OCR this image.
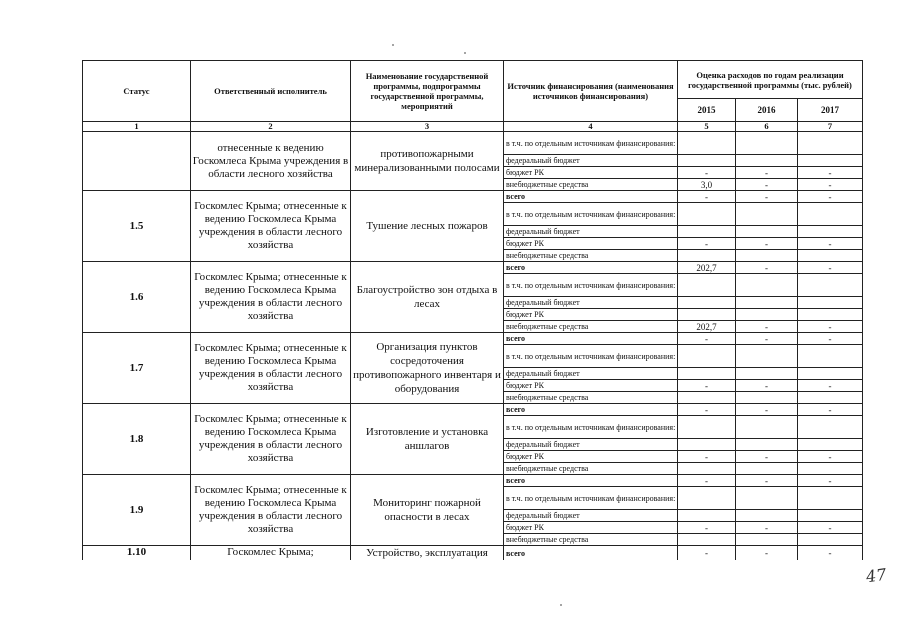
Статус	Ответственный исполнитель	Наименование государственной программы, подпрограммы государственной программы, мероприятий	Источник финансирования (наименования источников финансирования)	Оценка расходов по годам реализации государственной программы (тыс. рублей)		
				2015	2016	2017
1	2	3	4	5	6	7
	отнесенные к ведению Госкомлеса Крыма учреждения в области лесного хозяйства	противопожарными минерализованными полосами	в т.ч. по отдельным источникам финансирования:			
			федеральный бюджет			
			бюджет РК	-	-	-
			внебюджетные средства	3,0	-	-
1.5	Госкомлес Крыма; отнесенные к ведению Госкомлеса Крыма учреждения в области лесного хозяйства	Тушение лесных пожаров	всего	-	-	-
			в т.ч. по отдельным источникам финансирования:			
			федеральный бюджет			
			бюджет РК	-	-	-
			внебюджетные средства			
1.6	Госкомлес Крыма; отнесенные к ведению Госкомлеса Крыма учреждения в области лесного хозяйства	Благоустройство зон отдыха в лесах	всего	202,7	-	-
			в т.ч. по отдельным источникам финансирования:			
			федеральный бюджет			
			бюджет РК			
			внебюджетные средства	202,7	-	-
1.7	Госкомлес Крыма; отнесенные к ведению Госкомлеса Крыма учреждения в области лесного хозяйства	Организация пунктов сосредоточения противопожарного инвентаря и оборудования	всего	-	-	-
			в т.ч. по отдельным источникам финансирования:			
			федеральный бюджет			
			бюджет РК	-	-	-
			внебюджетные средства			
1.8	Госкомлес Крыма; отнесенные к ведению Госкомлеса Крыма учреждения в области лесного хозяйства	Изготовление и установка аншлагов	всего	-	-	-
			в т.ч. по отдельным источникам финансирования:			
			федеральный бюджет			
			бюджет РК	-	-	-
			внебюджетные средства			
1.9	Госкомлес Крыма; отнесенные к ведению Госкомлеса Крыма учреждения в области лесного хозяйства	Мониторинг пожарной опасности в лесах	всего	-	-	-
			в т.ч. по отдельным источникам финансирования:			
			федеральный бюджет			
			бюджет РК	-	-	-
			внебюджетные средства			
1.10	Госкомлес Крыма;	Устройство, эксплуатация	всего	-	-	-
47
